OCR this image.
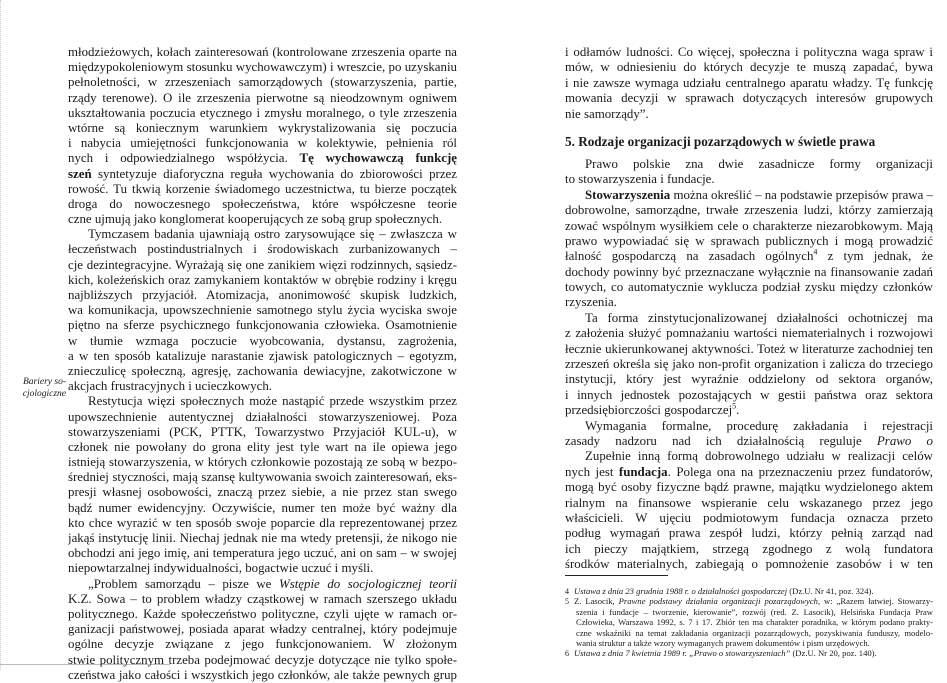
młodzieżowych, kołach zainteresowań (kontrolowane zrzeszenia oparte na
międzypokoleniowym stosunku wychowawczym) i wreszcie, po uzyskaniu
pełnoletności, w zrzeszeniach samorządowych (stowarzyszenia, partie,
rządy terenowe). O ile zrzeszenia pierwotne są nieodzownym ogniwem
ukształtowania poczucia etycznego i zmysłu moralnego, o tyle zrzeszenia
wtórne są koniecznym warunkiem wykrystalizowania się poczucia
i nabycia umiejętności funkcjonowania w kolektywie, pełnienia ról
nych i odpowiedzialnego współżycia. Tę wychowawczą funkcję
szeń syntetyzuje diaforyczna reguła wychowania do zbiorowości przez
rowość. Tu tkwią korzenie świadomego uczestnictwa, tu bierze początek
droga do nowoczesnego społeczeństwa, które współczesne teorie
czne ujmują jako konglomerat kooperujących ze sobą grup społecznych.
Tymczasem badania ujawniają ostro zarysowujące się – zwłaszcza w
łeczeństwach postindustrialnych i środowiskach zurbanizowanych –
cje dezintegracyjne. Wyrażają się one zanikiem więzi rodzinnych, sąsiedz-
kich, koleżeńskich oraz zamykaniem kontaktów w obrębie rodziny i kręgu
najbliższych przyjaciół. Atomizacja, anonimowość skupisk ludzkich,
wa komunikacja, upowszechnienie samotnego stylu życia wyciska swoje
piętno na sferze psychicznego funkcjonowania człowieka. Osamotnienie
w tłumie wzmaga poczucie wyobcowania, dystansu, zagrożenia,
a w ten sposób katalizuje narastanie zjawisk patologicznych – egotyzm,
znieczulicę społeczną, agresję, zachowania dewiacyjne, zakotwiczone w
akcjach frustracyjnych i ucieczkowych.
Restytucja więzi społecznych może nastąpić przede wszystkim przez
upowszechnienie autentycznej działalności stowarzyszeniowej. Poza
stowarzyszeniami (PCK, PTTK, Towarzystwo Przyjaciół KUL-u), w
członek nie powołany do grona elity jest tyle wart na ile opiewa jego
istnieją stowarzyszenia, w których członkowie pozostają ze sobą w bezpo-
średniej styczności, mają szansę kultywowania swoich zainteresowań, eks-
presji własnej osobowości, znaczą przez siebie, a nie przez stan swego
bądź numer ewidencyjny. Oczywiście, numer ten może być ważny dla
kto chce wyrazić w ten sposób swoje poparcie dla reprezentowanej przez
jakąś instytucję linii. Niechaj jednak nie ma wtedy pretensji, że nikogo nie
obchodzi ani jego imię, ani temperatura jego uczuć, ani on sam – w swojej
niepowtarzalnej indywidualności, bogactwie uczuć i myśli.
„Problem samorządu – pisze we Wstępie do socjologicznej teorii
K.Z. Sowa – to problem władzy cząstkowej w ramach szerszego układu
politycznego. Każde społeczeństwo polityczne, czyli ujęte w ramach or-
ganizacji państwowej, posiada aparat władzy centralnej, który podejmuje
ogólne decyzje związane z jego funkcjonowaniem. W złożonym
stwie politycznym trzeba podejmować decyzje dotyczące nie tylko społe-
czeństwa jako całości i wszystkich jego członków, ale także pewnych grup
Bariery so-
cjologiczne
i odłamów ludności. Co więcej, społeczna i polityczna waga spraw i
mów, w odniesieniu do których decyzje te muszą zapadać, bywa
i nie zawsze wymaga udziału centralnego aparatu władzy. Tę funkcję
mowania decyzji w sprawach dotyczących interesów grupowych
nie samorządy”.
5. Rodzaje organizacji pozarządowych w świetle prawa
Prawo polskie zna dwie zasadnicze formy organizacji
to stowarzyszenia i fundacje.
Stowarzyszenia można określić – na podstawie przepisów prawa –
dobrowolne, samorządne, trwałe zrzeszenia ludzi, którzy zamierzają
zować wspólnym wysiłkiem cele o charakterze niezarobkowym. Mają
prawo wypowiadać się w sprawach publicznych i mogą prowadzić
łalność gospodarczą na zasadach ogólnych$^4$ z tym jednak, że
dochody powinny być przeznaczane wyłącznie na finansowanie zadań
towych, co automatycznie wyklucza podział zysku między członków
rzyszenia.
Ta forma zinstytucjonalizowanej działalności ochotniczej ma
z założenia służyć pomnażaniu wartości niematerialnych i rozwojowi
łecznie ukierunkowanej aktywności. Toteż w literaturze zachodniej ten
zrzeszeń określa się jako non-profit organization i zalicza do trzeciego
instytucji, który jest wyraźnie oddzielony od sektora organów,
i innych jednostek pozostających w gestii państwa oraz sektora
przedsiębiorczości gospodarczej$^5$.
Wymagania formalne, procedurę zakładania i rejestracji
zasady nadzoru nad ich działalnością reguluje Prawo o
Zupełnie inną formą dobrowolnego udziału w realizacji celów
nych jest fundacja. Polega ona na przeznaczeniu przez fundatorów,
mogą być osoby fizyczne bądź prawne, majątku wydzielonego aktem
rialnym na finansowe wspieranie celu wskazanego przez jego
właścicieli. W ujęciu podmiotowym fundacja oznacza przeto
podług wymagań prawa zespół ludzi, którzy pełnią zarząd nad
ich pieczy majątkiem, strzegą zgodnego z wolą fundatora
środków materialnych, zabiegają o pomnożenie zasobów i w ten
4 Ustawa z dnia 23 grudnia 1988 r. o działalności gospodarczej (Dz.U. Nr 41, poz. 324).
5 Z. Lasocik, Prawne podstawy działania organizacji pozarządowych, w: „Razem łatwiej. Stowarzy-
szenia i fundacje – tworzenie, kierowanie”, rozwój (red. Z. Lasocik), Helsińska Fundacja Praw
Człowieka, Warszawa 1992, s. 7 i 17. Zbiór ten ma charakter poradnika, w którym podano prakty-
czne wskaźniki na temat zakładania organizacji pozarządowych, pozyskiwania funduszy, modelo-
wania struktur a także wzory wymaganych prawem dokumentów i pism urzędowych.
6 Ustawa z dnia 7 kwietnia 1989 r. „Prawo o stowarzyszeniach” (Dz.U. Nr 20, poz. 140).
